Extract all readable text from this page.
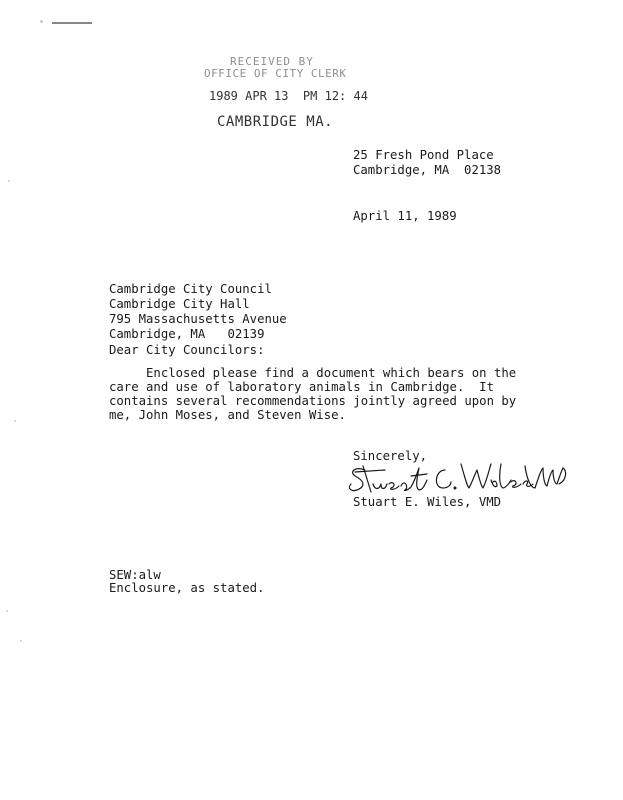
RECEIVED BY
OFFICE OF CITY CLERK
1989 APR 13  PM 12: 44
CAMBRIDGE MA.
25 Fresh Pond Place
Cambridge, MA  02138
April 11, 1989
Cambridge City Council
Cambridge City Hall
795 Massachusetts Avenue
Cambridge, MA   02139
Dear City Councilors:
Enclosed please find a document which bears on the
care and use of laboratory animals in Cambridge.  It
contains several recommendations jointly agreed upon by
me, John Moses, and Steven Wise.
Sincerely,
Stuart E. Wiles, VMD
SEW:alw
Enclosure, as stated.
